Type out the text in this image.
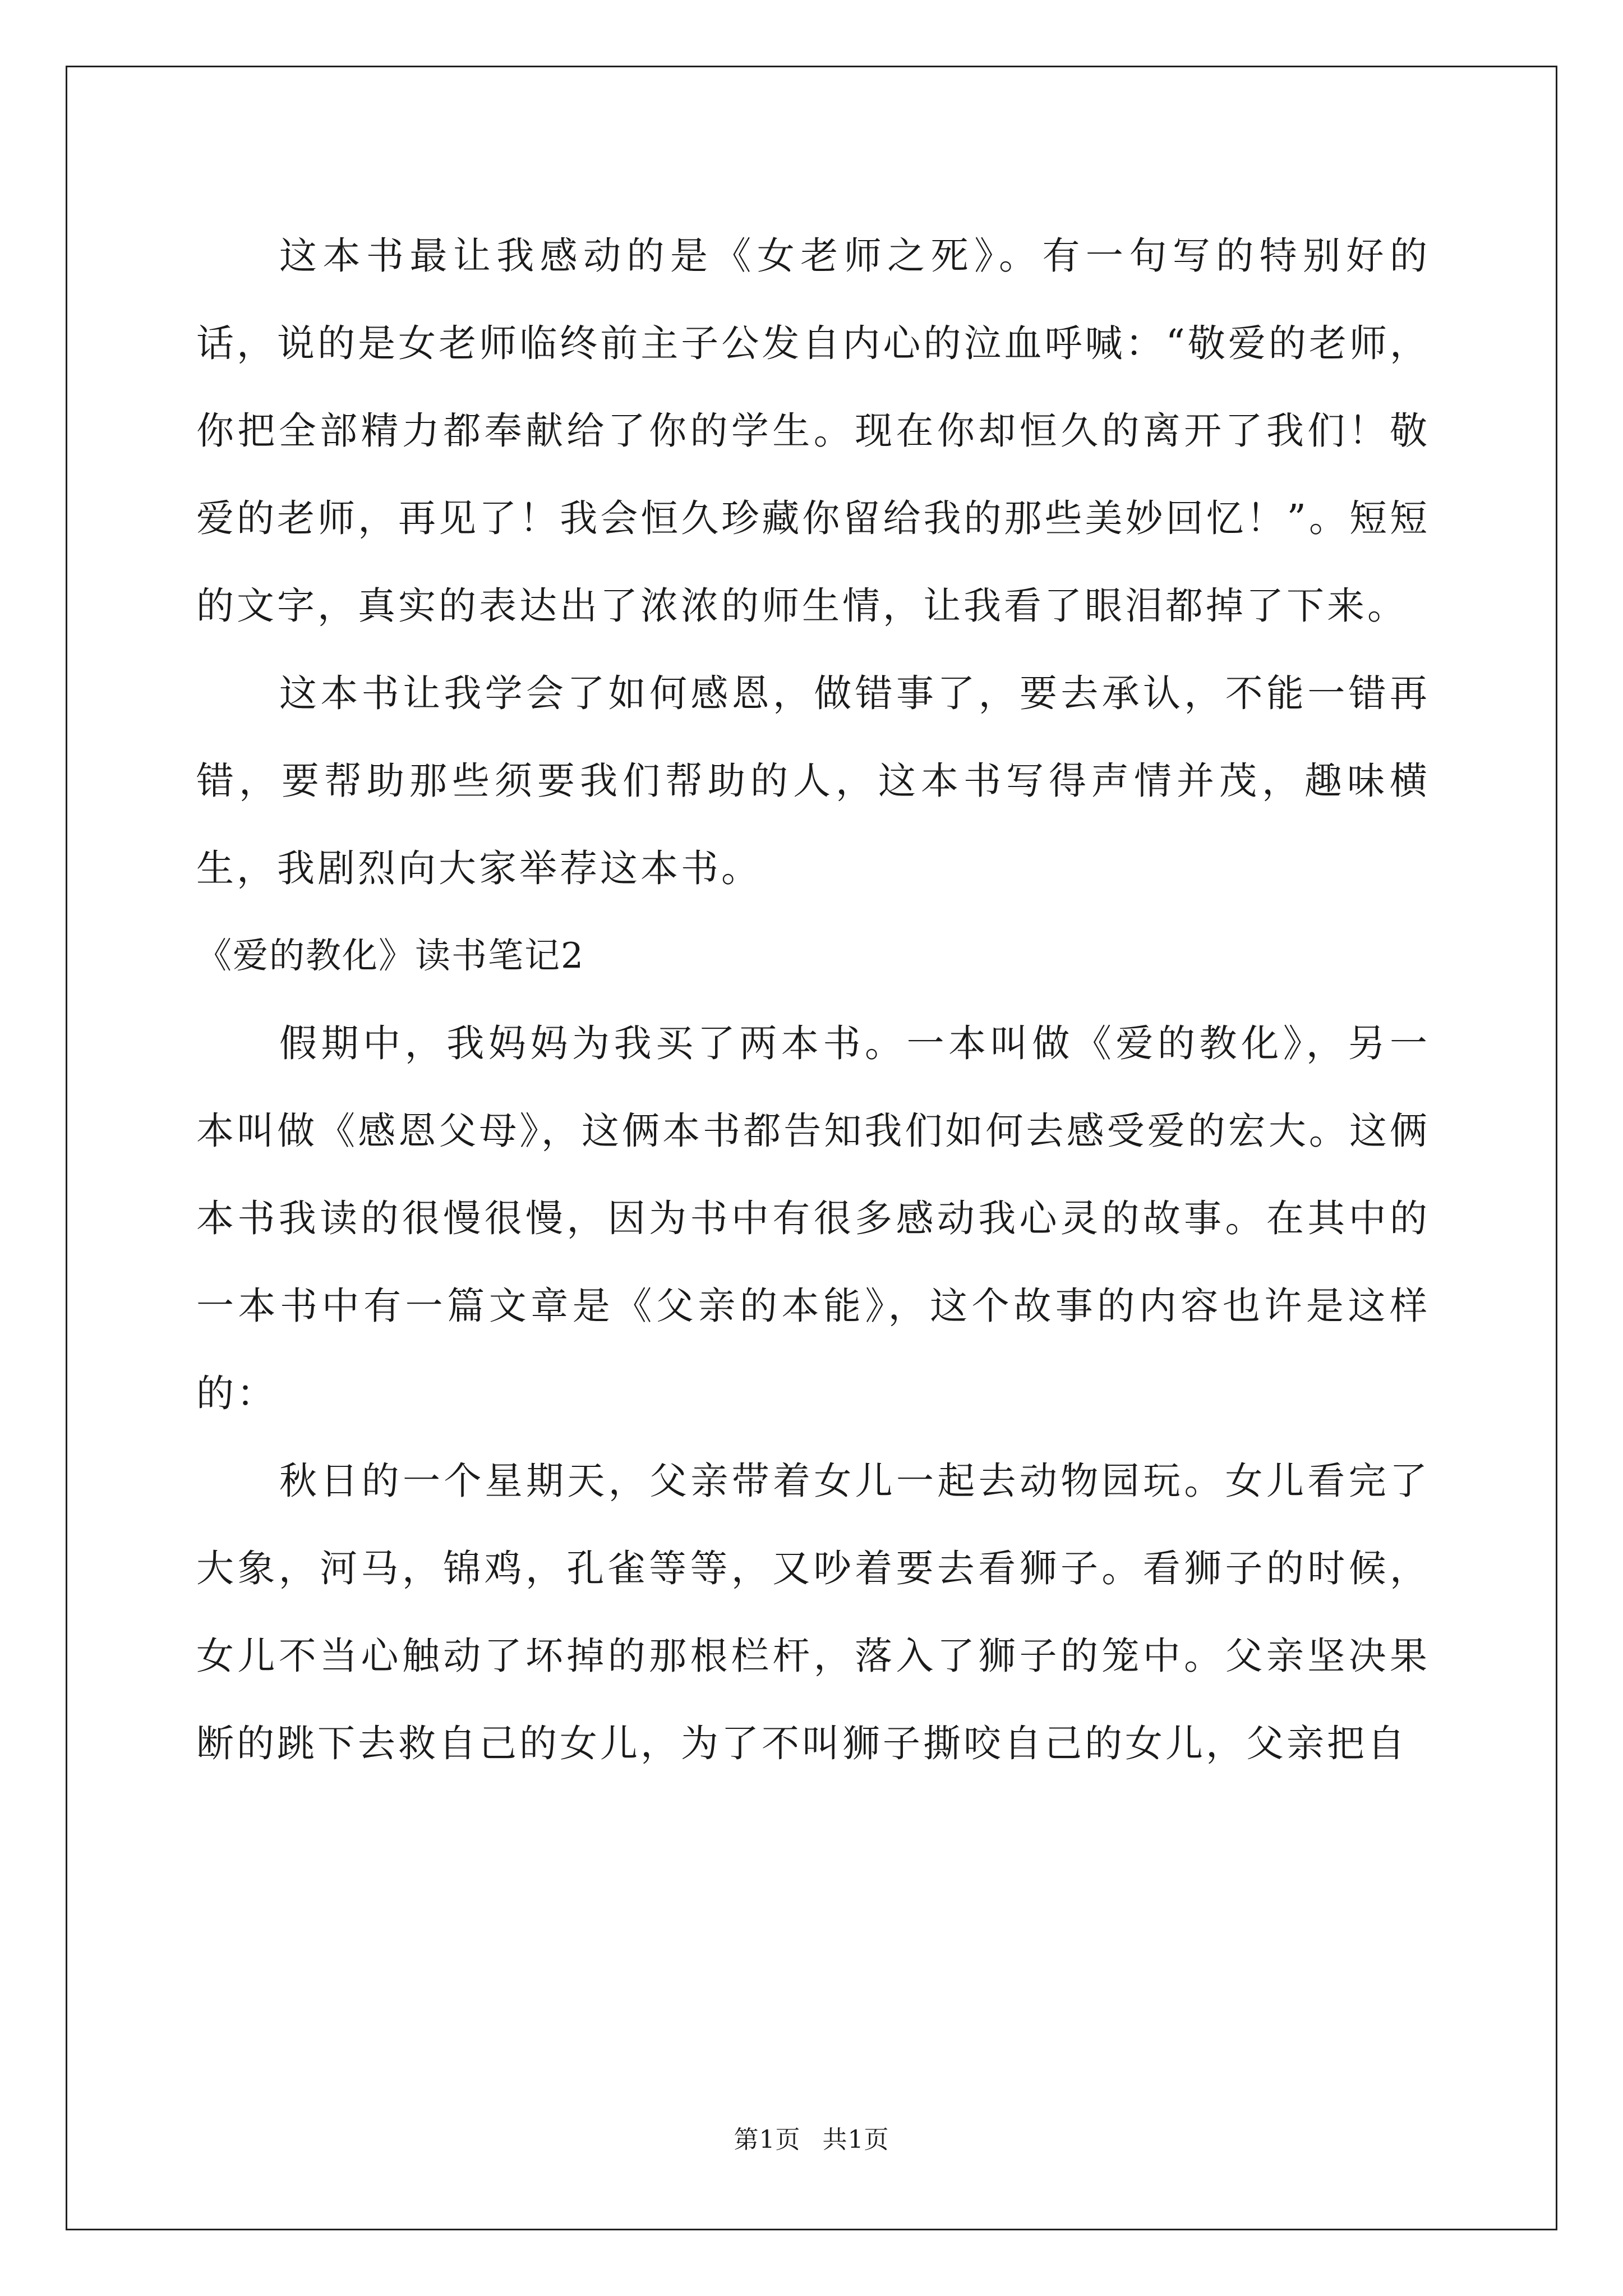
这本书最让我感动的是《女老师之死》。有一句写的特别好的话，说的是女老师临终前主子公发自内心的泣血呼喊：“敬爱的老师，你把全部精力都奉献给了你的学生。现在你却恒久的离开了我们！敬爱的老师，再见了！我会恒久珍藏你留给我的那些美妙回忆！”。短短的文字，真实的表达出了浓浓的师生情，让我看了眼泪都掉了下来。

这本书让我学会了如何感恩，做错事了，要去承认，不能一错再错，要帮助那些须要我们帮助的人，这本书写得声情并茂，趣味横生，我剧烈向大家举荐这本书。

《爱的教化》读书笔记2

假期中，我妈妈为我买了两本书。一本叫做《爱的教化》，另一本叫做《感恩父母》，这俩本书都告知我们如何去感受爱的宏大。这俩本书我读的很慢很慢，因为书中有很多感动我心灵的故事。在其中的一本书中有一篇文章是《父亲的本能》，这个故事的内容也许是这样的：

秋日的一个星期天，父亲带着女儿一起去动物园玩。女儿看完了大象，河马，锦鸡，孔雀等等，又吵着要去看狮子。看狮子的时候，女儿不当心触动了坏掉的那根栏杆，落入了狮子的笼中。父亲坚决果断的跳下去救自己的女儿，为了不叫狮子撕咬自己的女儿，父亲把自

第1页 共1页
